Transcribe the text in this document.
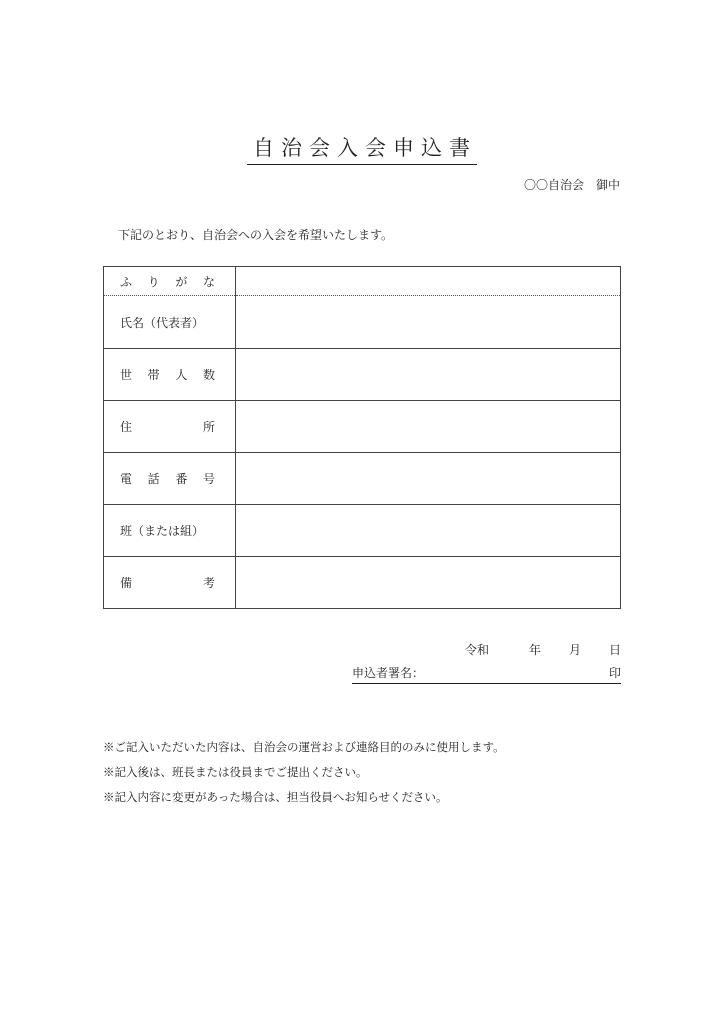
自治会入会申込書
〇〇自治会　御中
下記のとおり、自治会への入会を希望いたします。
ふ り が な	

氏名（代表者）	

世 帯 人 数	

住 所	

電 話 番 号	

班（または組）	

備 考	

令和	年 月 日
申込者署名：	印
※ご記入いただいた内容は、自治会の運営および連絡目的のみに使用します。
※記入後は、班長または役員までご提出ください。
※記入内容に変更があった場合は、担当役員へお知らせください。
